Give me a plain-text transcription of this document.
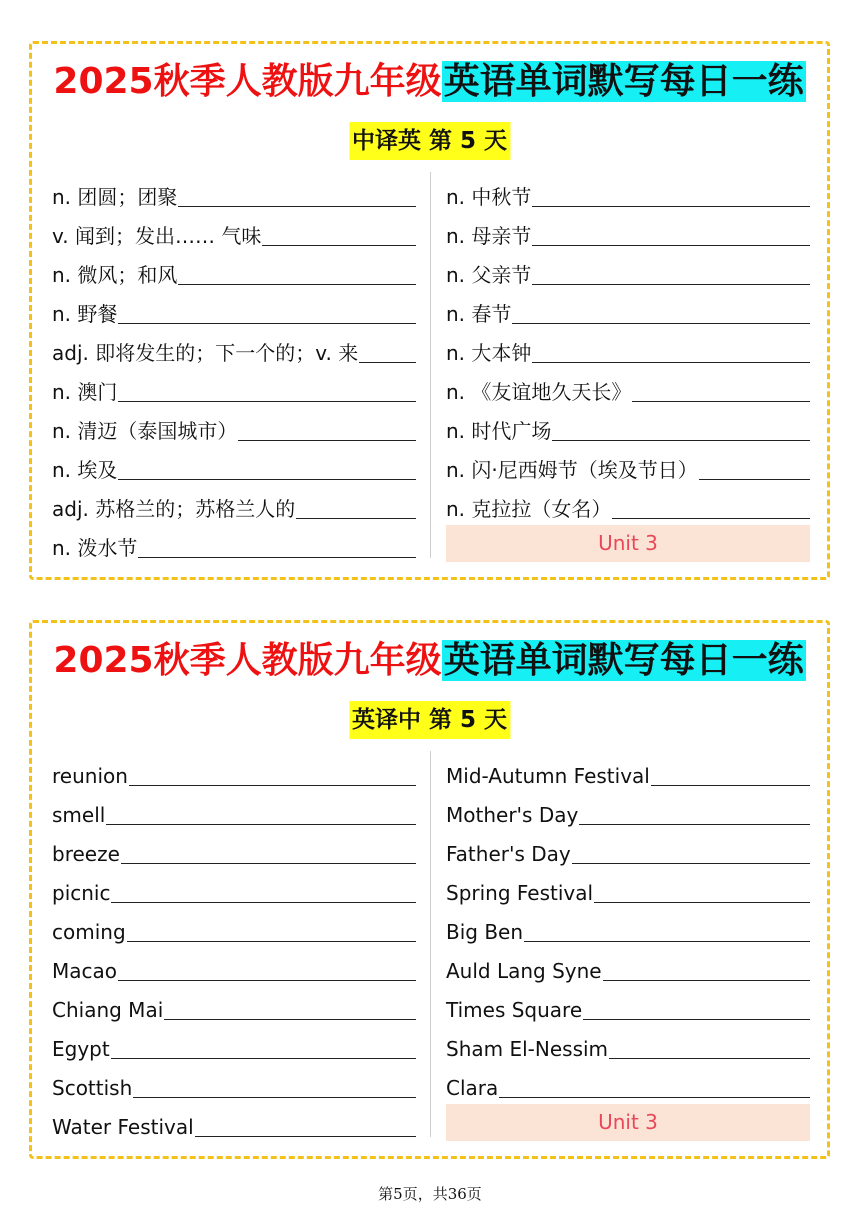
2025秋季人教版九年级英语单词默写每日一练
中译英 第 5 天
n. 团圆；团聚
v. 闻到；发出…… 气味
n. 微风；和风
n. 野餐
adj. 即将发生的；下一个的；v. 来
n. 澳门
n. 清迈（泰国城市）
n. 埃及
adj. 苏格兰的；苏格兰人的
n. 泼水节
n. 中秋节
n. 母亲节
n. 父亲节
n. 春节
n. 大本钟
n. 《友谊地久天长》
n. 时代广场
n. 闪·尼西姆节（埃及节日）
n. 克拉拉（女名）
Unit 3
2025秋季人教版九年级英语单词默写每日一练
英译中 第 5 天
reunion
smell
breeze
picnic
coming
Macao
Chiang Mai
Egypt
Scottish
Water Festival
Mid-Autumn Festival
Mother's Day
Father's Day
Spring Festival
Big Ben
Auld Lang Syne
Times Square
Sham El-Nessim
Clara
Unit 3
第5页，共36页
